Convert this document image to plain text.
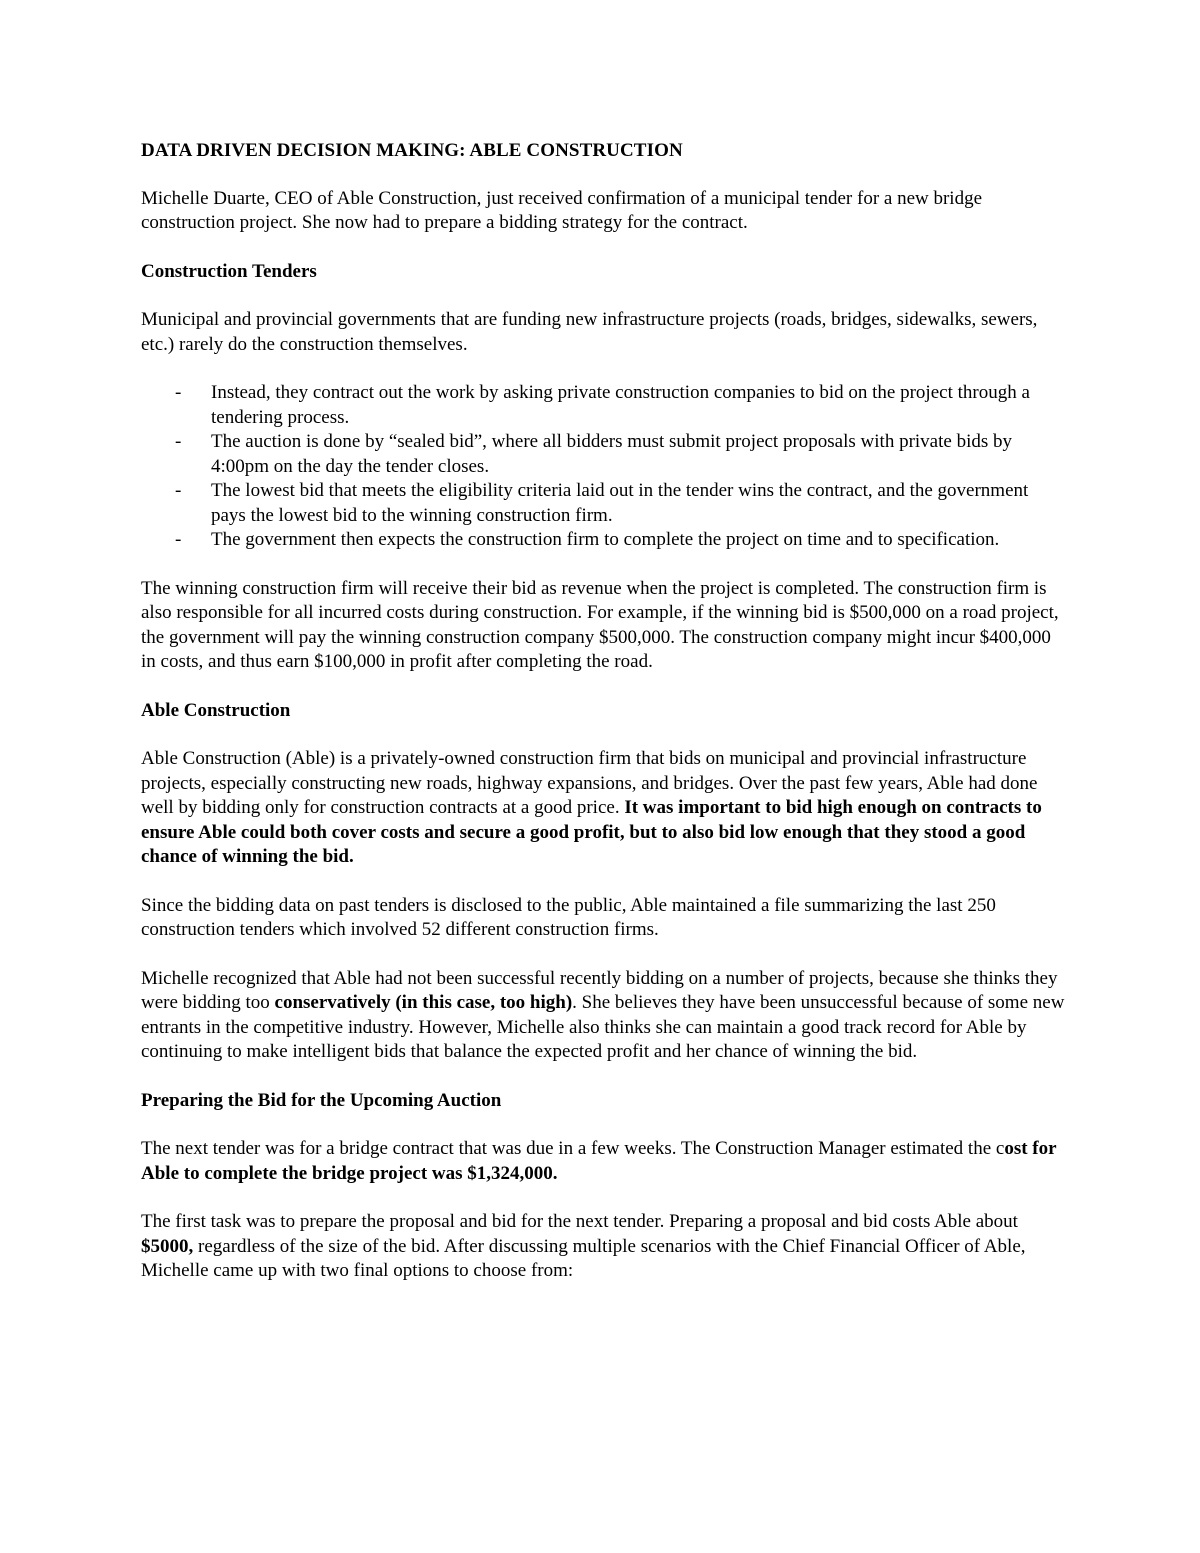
DATA DRIVEN DECISION MAKING: ABLE CONSTRUCTION

Michelle Duarte, CEO of Able Construction, just received confirmation of a municipal tender for a new bridge construction project. She now had to prepare a bidding strategy for the contract.

Construction Tenders

Municipal and provincial governments that are funding new infrastructure projects (roads, bridges, sidewalks, sewers, etc.) rarely do the construction themselves.

- Instead, they contract out the work by asking private construction companies to bid on the project through a tendering process.
- The auction is done by “sealed bid”, where all bidders must submit project proposals with private bids by 4:00pm on the day the tender closes.
- The lowest bid that meets the eligibility criteria laid out in the tender wins the contract, and the government pays the lowest bid to the winning construction firm.
- The government then expects the construction firm to complete the project on time and to specification.

The winning construction firm will receive their bid as revenue when the project is completed. The construction firm is also responsible for all incurred costs during construction. For example, if the winning bid is $500,000 on a road project, the government will pay the winning construction company $500,000. The construction company might incur $400,000 in costs, and thus earn $100,000 in profit after completing the road.

Able Construction

Able Construction (Able) is a privately-owned construction firm that bids on municipal and provincial infrastructure projects, especially constructing new roads, highway expansions, and bridges. Over the past few years, Able had done well by bidding only for construction contracts at a good price. It was important to bid high enough on contracts to ensure Able could both cover costs and secure a good profit, but to also bid low enough that they stood a good chance of winning the bid.

Since the bidding data on past tenders is disclosed to the public, Able maintained a file summarizing the last 250 construction tenders which involved 52 different construction firms.

Michelle recognized that Able had not been successful recently bidding on a number of projects, because she thinks they were bidding too conservatively (in this case, too high). She believes they have been unsuccessful because of some new entrants in the competitive industry. However, Michelle also thinks she can maintain a good track record for Able by continuing to make intelligent bids that balance the expected profit and her chance of winning the bid.

Preparing the Bid for the Upcoming Auction

The next tender was for a bridge contract that was due in a few weeks. The Construction Manager estimated the cost for Able to complete the bridge project was $1,324,000.

The first task was to prepare the proposal and bid for the next tender. Preparing a proposal and bid costs Able about $5000, regardless of the size of the bid. After discussing multiple scenarios with the Chief Financial Officer of Able, Michelle came up with two final options to choose from:
